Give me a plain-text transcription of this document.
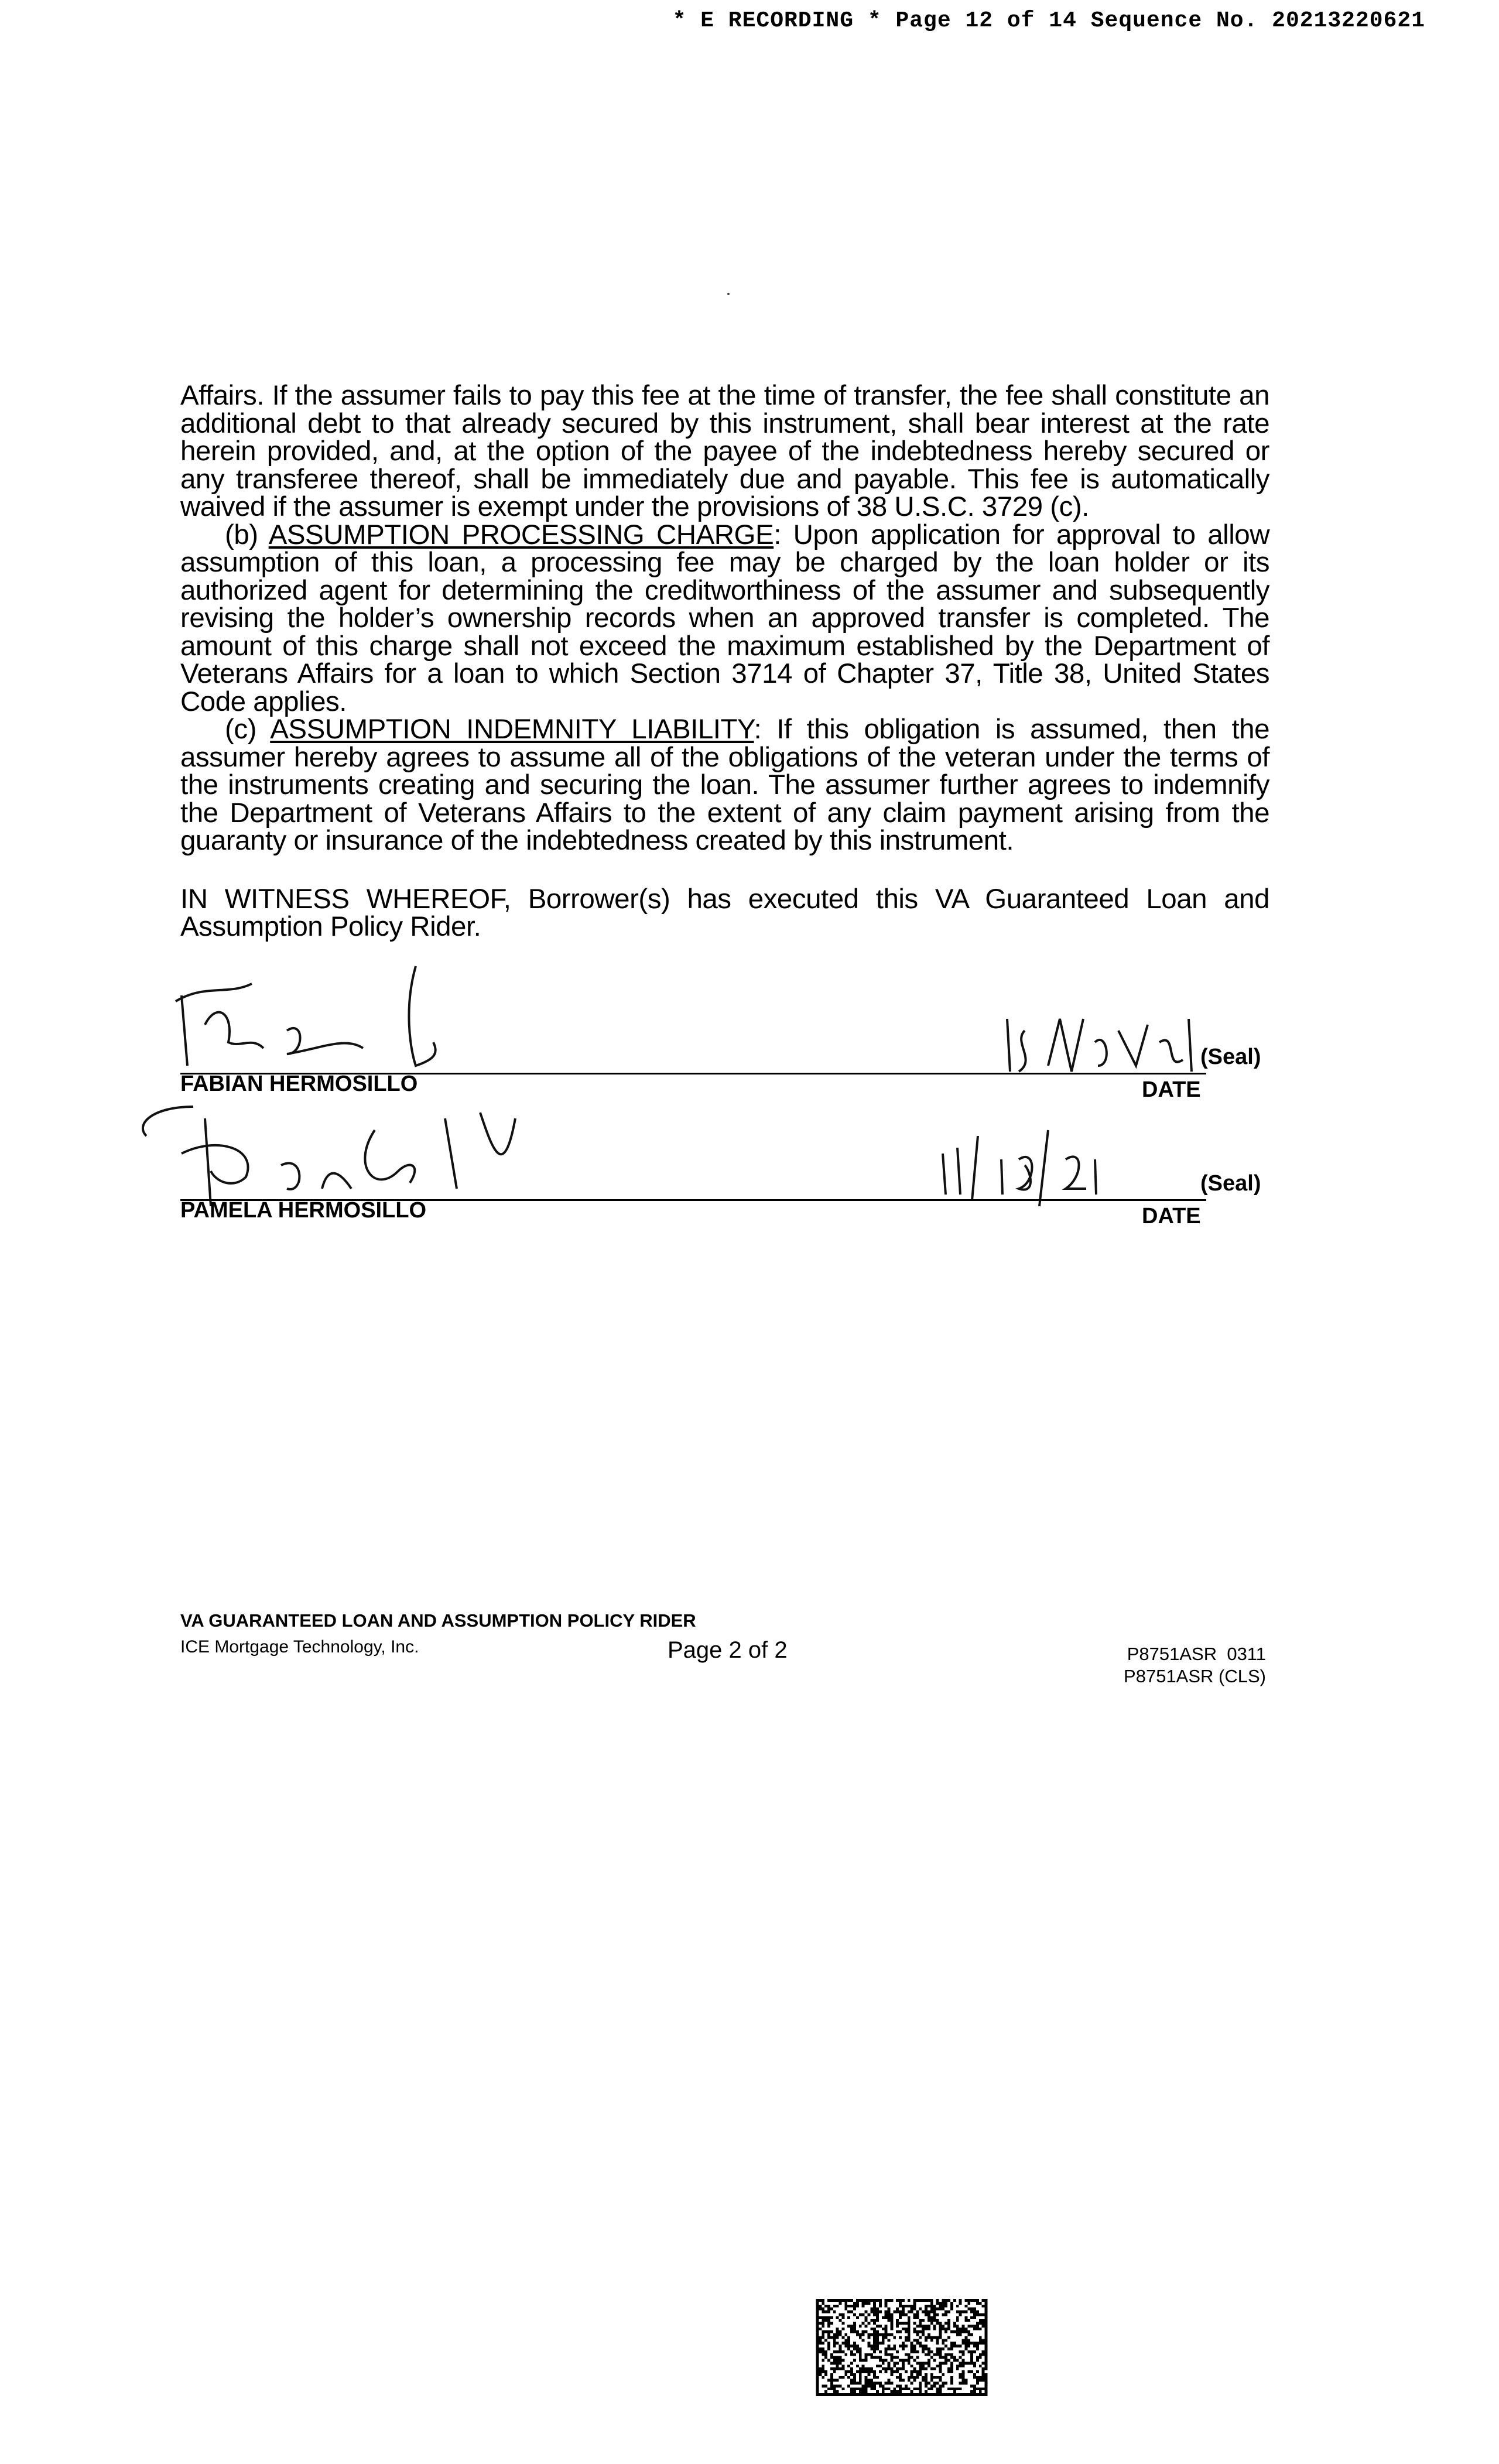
* E RECORDING * Page 12 of 14 Sequence No. 20213220621

Affairs. If the assumer fails to pay this fee at the time of transfer, the fee shall constitute an additional debt to that already secured by this instrument, shall bear interest at the rate herein provided, and, at the option of the payee of the indebtedness hereby secured or any transferee thereof, shall be immediately due and payable. This fee is automatically waived if the assumer is exempt under the provisions of 38 U.S.C. 3729 (c).

(b) ASSUMPTION PROCESSING CHARGE: Upon application for approval to allow assumption of this loan, a processing fee may be charged by the loan holder or its authorized agent for determining the creditworthiness of the assumer and subsequently revising the holder’s ownership records when an approved transfer is completed. The amount of this charge shall not exceed the maximum established by the Department of Veterans Affairs for a loan to which Section 3714 of Chapter 37, Title 38, United States Code applies.

(c) ASSUMPTION INDEMNITY LIABILITY: If this obligation is assumed, then the assumer hereby agrees to assume all of the obligations of the veteran under the terms of the instruments creating and securing the loan. The assumer further agrees to indemnify the Department of Veterans Affairs to the extent of any claim payment arising from the guaranty or insurance of the indebtedness created by this instrument.

IN WITNESS WHEREOF, Borrower(s) has executed this VA Guaranteed Loan and Assumption Policy Rider.

FABIAN HERMOSILLO
(Seal)
DATE
PAMELA HERMOSILLO
(Seal)
DATE
VA GUARANTEED LOAN AND ASSUMPTION POLICY RIDER
ICE Mortgage Technology, Inc.	Page 2 of 2	P8751ASR  0311
P8751ASR (CLS)
